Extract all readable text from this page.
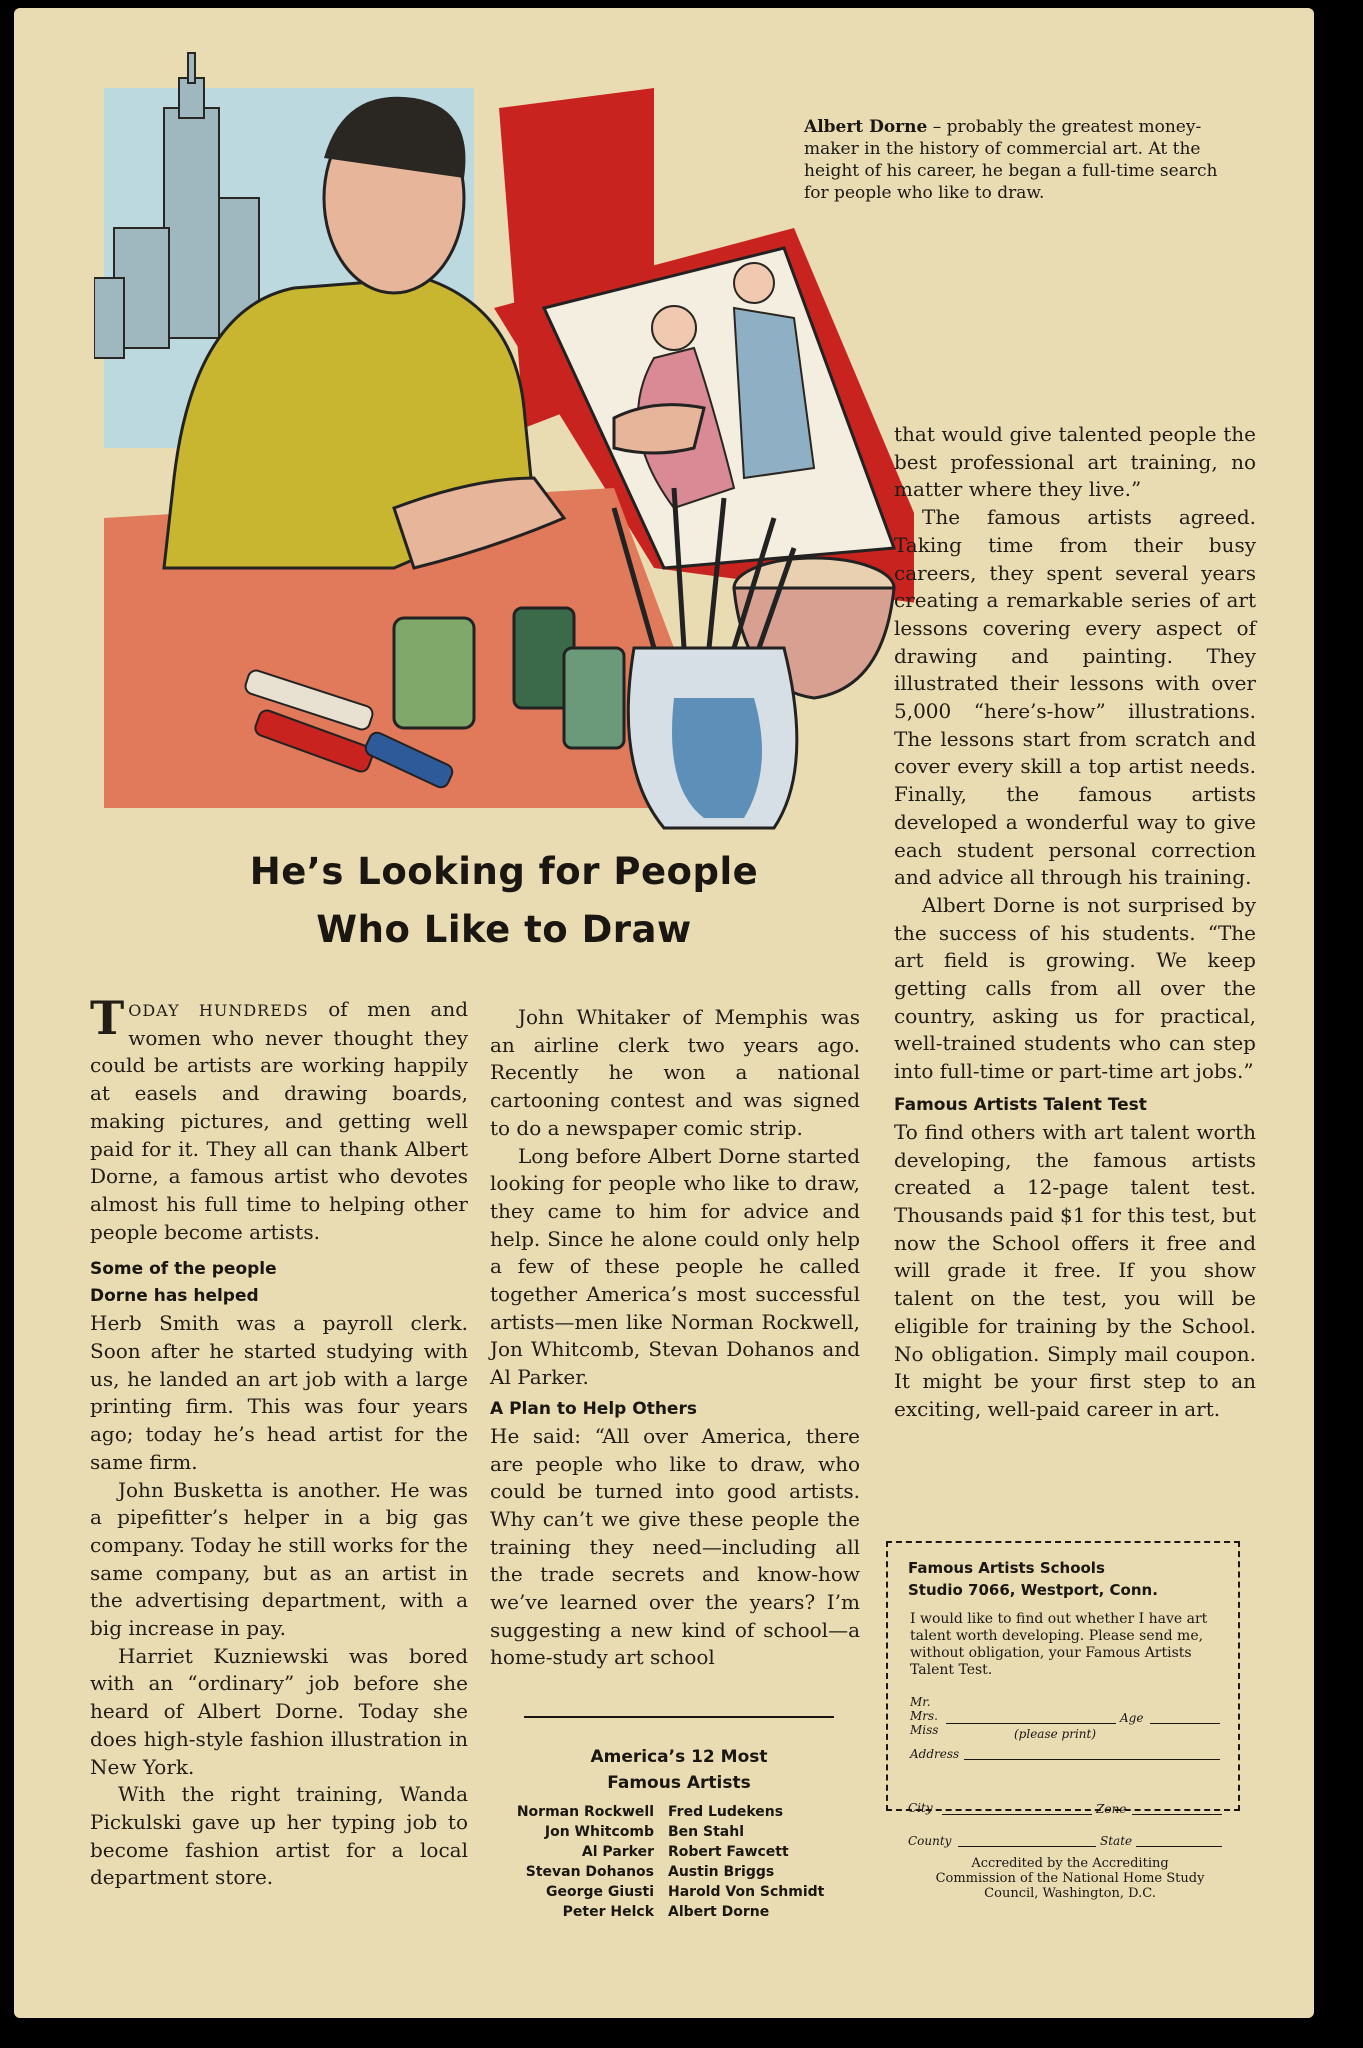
Albert Dorne – probably the greatest money-maker in the history of commercial art. At the height of his career, he began a full-time search for people who like to draw.
He’s Looking for People
Who Like to Draw

TODAY HUNDREDS of men and women who never thought they could be artists are working happily at easels and drawing boards, making pictures, and getting well paid for it. They all can thank Albert Dorne, a famous artist who devotes almost his full time to helping other people become artists.

Some of the people
Dorne has helped

Herb Smith was a payroll clerk. Soon after he started studying with us, he landed an art job with a large printing firm. This was four years ago; today he’s head artist for the same firm.

John Busketta is another. He was a pipefitter’s helper in a big gas company. Today he still works for the same company, but as an artist in the advertising department, with a big increase in pay.

Harriet Kuzniewski was bored with an “ordinary” job before she heard of Albert Dorne. Today she does high-style fashion illustration in New York.

With the right training, Wanda Pickulski gave up her typing job to become fashion artist for a local department store.

John Whitaker of Memphis was an airline clerk two years ago. Recently he won a national cartooning contest and was signed to do a newspaper comic strip.

Long before Albert Dorne started looking for people who like to draw, they came to him for advice and help. Since he alone could only help a few of these people he called together America’s most successful artists—men like Norman Rockwell, Jon Whitcomb, Stevan Dohanos and Al Parker.

A Plan to Help Others

He said: “All over America, there are people who like to draw, who could be turned into good artists. Why can’t we give these people the training they need—including all the trade secrets and know-how we’ve learned over the years? I’m suggesting a new kind of school—a home-study art school

America’s 12 Most
Famous Artists
Norman Rockwell
Jon Whitcomb
Al Parker
Stevan Dohanos
George Giusti
Peter Helck
Fred Ludekens
Ben Stahl
Robert Fawcett
Austin Briggs
Harold Von Schmidt
Albert Dorne

that would give talented people the best professional art training, no matter where they live.”

The famous artists agreed. Taking time from their busy careers, they spent several years creating a remarkable series of art lessons covering every aspect of drawing and painting. They illustrated their lessons with over 5,000 “here’s-how” illustrations. The lessons start from scratch and cover every skill a top artist needs. Finally, the famous artists developed a wonderful way to give each student personal correction and advice all through his training.

Albert Dorne is not surprised by the success of his students. “The art field is growing. We keep getting calls from all over the country, asking us for practical, well-trained students who can step into full-time or part-time art jobs.”

Famous Artists Talent Test

To find others with art talent worth developing, the famous artists created a 12-page talent test. Thousands paid $1 for this test, but now the School offers it free and will grade it free. If you show talent on the test, you will be eligible for training by the School. No obligation. Simply mail coupon. It might be your first step to an exciting, well-paid career in art.

Famous Artists Schools
Studio 7066, Westport, Conn.
I would like to find out whether I have art talent worth developing. Please send me, without obligation, your Famous Artists Talent Test.
Mr.
Mrs.
Miss
Age
(please print)
Address
City	Zone
County	State
Accredited by the Accrediting Commission of the National Home Study Council, Washington, D.C.
